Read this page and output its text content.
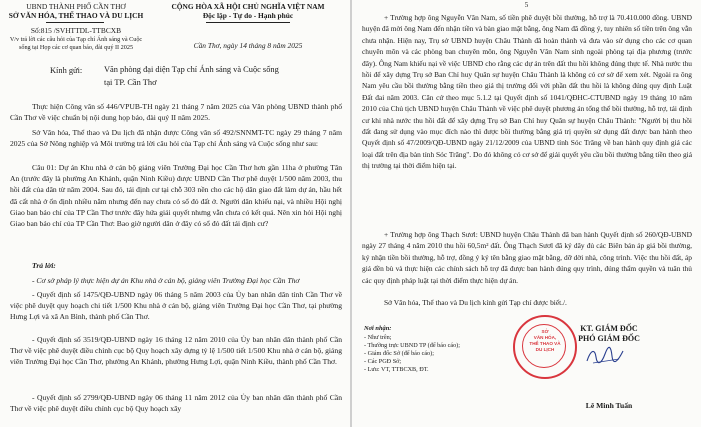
UBND THÀNH PHỐ CẦN THƠ
SỞ VĂN HÓA, THỂ THAO VÀ DU LỊCH
Số:815 /SVHTTDL-TTBCXB
V/v trả lời các câu hỏi của Tạp chí Ánh sáng và Cuộc sống tại Họp các cơ quan báo, đài quý II 2025
CỘNG HÒA XÃ HỘI CHỦ NGHĨA VIỆT NAM
Độc lập - Tự do - Hạnh phúc
Cần Thơ, ngày 14 tháng 8 năm 2025
Kính gửi:	Văn phòng đại diện Tạp chí Ánh sáng và Cuộc sống tại TP. Cần Thơ
Thực hiện Công văn số 446/VPUB-TH ngày 21 tháng 7 năm 2025 của Văn phòng UBND thành phố Cần Thơ về việc chuẩn bị nội dung họp báo, đài quý II năm 2025.
Sở Văn hóa, Thể thao và Du lịch đã nhận được Công văn số 492/SNNMT-TC ngày 29 tháng 7 năm 2025 của Sở Nông nghiệp và Môi trường trả lời câu hỏi của Tạp chí Ánh sáng và Cuộc sống như sau:
Câu 01: Dự án Khu nhà ở cán bộ giảng viên Trường Đại học Cần Thơ hơn gần 11ha ở phường Tân An (trước đây là phường An Khánh, quận Ninh Kiều) được UBND Cần Thơ phê duyệt 1/500 năm 2003, thu hồi đất của dân từ năm 2004. Sau đó, tái định cư tại chỗ 303 nền cho các hộ dân giao đất làm dự án, hầu hết đã cất nhà ở ổn định nhiều năm nhưng đến nay chưa có sổ đỏ đất ở. Người dân khiếu nại, và nhiều Hội nghị Giao ban báo chí của TP Cần Thơ trước đây hứa giải quyết nhưng vẫn chưa có kết quả. Nên xin hỏi Hội nghị Giao ban báo chí của TP Cần Thơ: Bao giờ người dân ở đây có sổ đỏ đất tái định cư?
Trả lời:
- Cơ sở pháp lý thực hiện dự án Khu nhà ở cán bộ, giảng viên Trường Đại học Cần Thơ
- Quyết định số 1475/QĐ-UBND ngày 06 tháng 5 năm 2003 của Ủy ban nhân dân tỉnh Cần Thơ về việc phê duyệt quy hoạch chi tiết 1/500 Khu nhà ở cán bộ, giảng viên Trường Đại học Cần Thơ, tại phường Hưng Lợi và xã An Bình, thành phố Cần Thơ.
- Quyết định số 3519/QĐ-UBND ngày 16 tháng 12 năm 2010 của Ủy ban nhân dân thành phố Cần Thơ về việc phê duyệt điều chỉnh cục bộ Quy hoạch xây dựng tỷ lệ 1/500 tiết 1/500 Khu nhà ở cán bộ, giảng viên Trường Đại học Cần Thơ, phường An Khánh, phường Hưng Lợi, quận Ninh Kiều, thành phố Cần Thơ.
- Quyết định số 2799/QĐ-UBND ngày 06 tháng 11 năm 2012 của Ủy ban nhân dân thành phố Cần Thơ về việc phê duyệt điều chỉnh cục bộ Quy hoạch xây
5
+ Trường hợp ông Nguyễn Văn Nam, số tiền phê duyệt bồi thường, hỗ trợ là 70.410.000 đồng. UBND huyện đã mời ông Nam đến nhận tiền và bàn giao mặt bằng, ông Nam đã đồng ý, tuy nhiên số tiền trên ông vẫn chưa nhận. Hiện nay, Trụ sở UBND huyện Châu Thành đã hoàn thành và đưa vào sử dụng cho các cơ quan chuyên môn và các phòng ban chuyên môn, ông Nguyễn Văn Nam sinh ngoài phòng tại địa phương (trước đây). Ông Nam khiếu nại về việc UBND cho rằng các dự án trên đất thu hồi không đúng thực tế. Nhà nước thu hồi để xây dựng Trụ sở Ban Chỉ huy Quân sự huyện Châu Thành là không có cơ sở để xem xét. Ngoài ra ông Nam yêu cầu bồi thường bằng tiền theo giá thị trường đối với phần đất thu hồi là không đúng quy định Luật Đất đai năm 2003. Căn cứ theo mục 5.1.2 tại Quyết định số 1041/QĐHC-CTUBND ngày 19 tháng 10 năm 2010 của Chủ tịch UBND huyện Châu Thành về việc phê duyệt phương án tổng thể bồi thường, hỗ trợ, tái định cư khi nhà nước thu hồi đất để xây dựng Trụ sở Ban Chỉ huy Quân sự huyện Châu Thành: "Người bị thu hồi đất đang sử dụng vào mục đích nào thì được bồi thường bằng giá trị quyền sử dụng đất được ban hành theo Quyết định số 47/2009/QĐ-UBND ngày 21/12/2009 của UBND tỉnh Sóc Trăng về ban hành quy định giá các loại đất trên địa bàn tỉnh Sóc Trăng". Do đó không có cơ sở để giải quyết yêu cầu bồi thường bằng tiền theo giá thị trường tại thời điểm hiện tại.
+ Trường hợp ông Thạch Sươl: UBND huyện Châu Thành đã ban hành Quyết định số 260/QĐ-UBND ngày 27 tháng 4 năm 2010 thu hồi 60,5m² đất. Ông Thạch Sươl đã ký dây đủ các Biên bản áp giá bồi thường, ký nhận tiền bồi thường, hỗ trợ, đồng ý ký tên bằng giao mặt bằng, dỡ dời nhà, công trình. Việc thu hồi đất, áp giá đền bù và thực hiện các chính sách hỗ trợ đã được ban hành đúng quy trình, đúng thẩm quyền và tuân thủ các quy định pháp luật tại thời điểm thực hiện dự án.
Sở Văn hóa, Thể thao và Du lịch kính gửi Tạp chí được biết./.
Nơi nhận:
- Như trên;
- Thường trực UBND TP (để báo cáo);
- Giám đốc Sở (để báo cáo);
- Các PGĐ Sở;
- Lưu: VT, TTBCXB, ĐT.
KT. GIÁM ĐỐC
PHÓ GIÁM ĐỐC
Lê Minh Tuấn
SỞ
VĂN HÓA,
THỂ THAO VÀ
DU LỊCH
